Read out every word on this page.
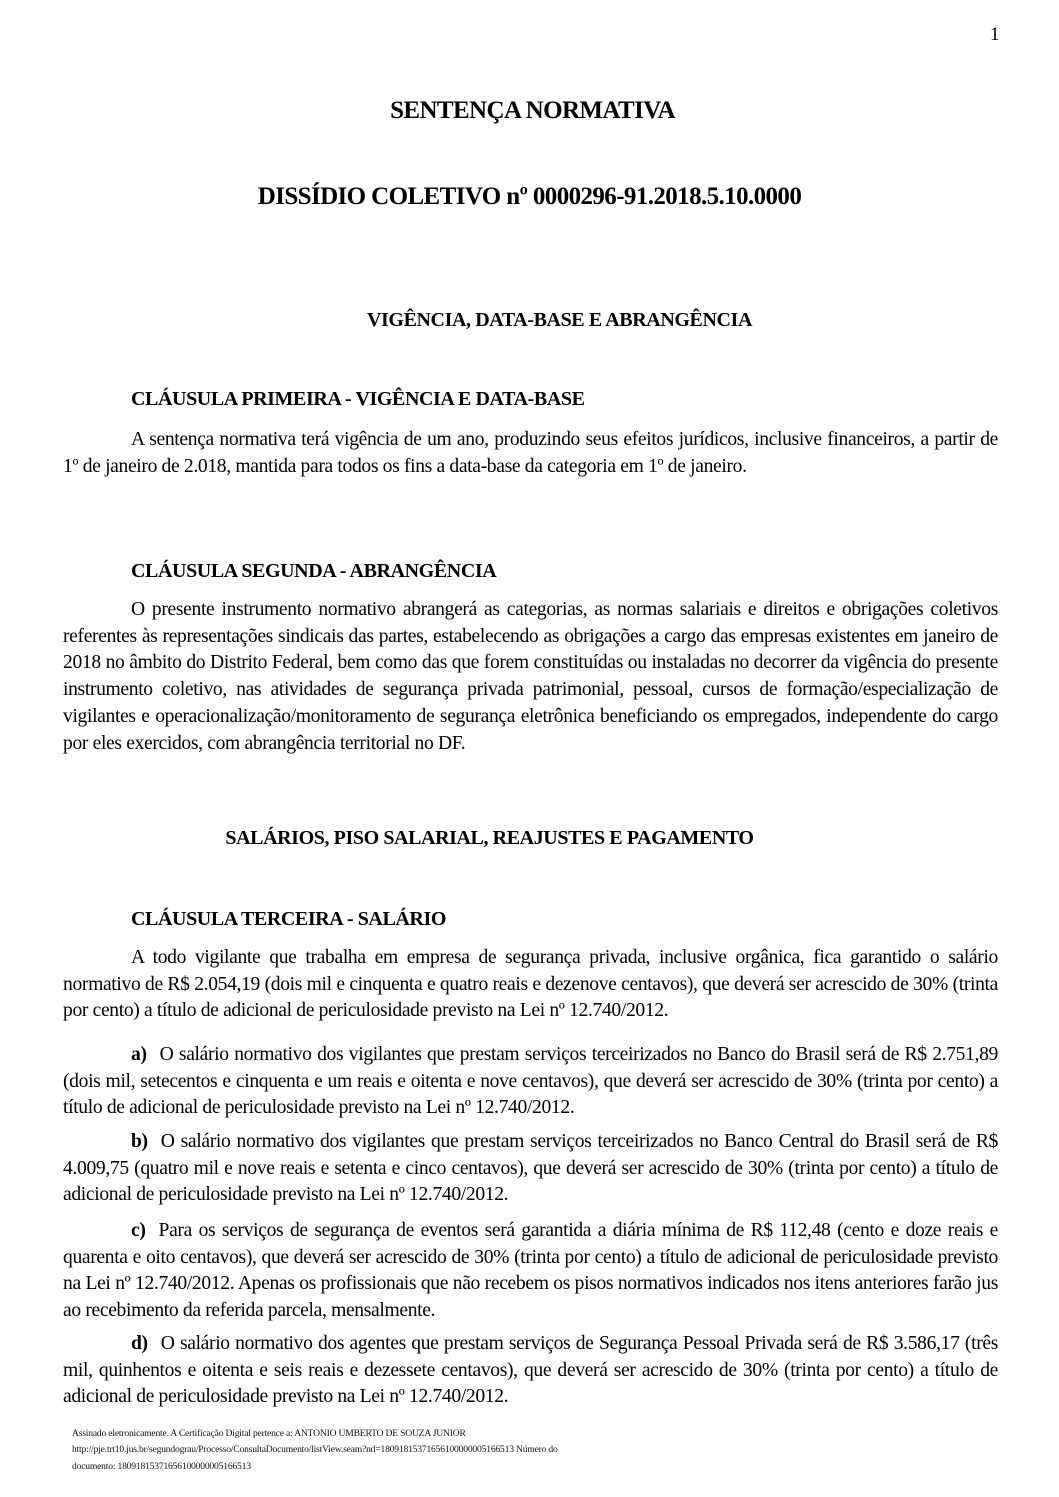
1
SENTENÇA NORMATIVA
DISSÍDIO COLETIVO nº 0000296-91.2018.5.10.0000
VIGÊNCIA, DATA-BASE E ABRANGÊNCIA
CLÁUSULA PRIMEIRA - VIGÊNCIA E DATA-BASE

A sentença normativa terá vigência de um ano, produzindo seus efeitos jurídicos, inclusive financeiros, a partir de 1º de janeiro de 2.018, mantida para todos os fins a data-base da categoria em 1º de janeiro.

CLÁUSULA SEGUNDA - ABRANGÊNCIA

O presente instrumento normativo abrangerá as categorias, as normas salariais e direitos e obrigações coletivos referentes às representações sindicais das partes, estabelecendo as obrigações a cargo das empresas existentes em janeiro de 2018 no âmbito do Distrito Federal, bem como das que forem constituídas ou instaladas no decorrer da vigência do presente instrumento coletivo, nas atividades de segurança privada patrimonial, pessoal, cursos de formação/especialização de vigilantes e operacionalização/monitoramento de segurança eletrônica beneficiando os empregados, independente do cargo por eles exercidos, com abrangência territorial no DF.

SALÁRIOS, PISO SALARIAL, REAJUSTES E PAGAMENTO
CLÁUSULA TERCEIRA - SALÁRIO

A todo vigilante que trabalha em empresa de segurança privada, inclusive orgânica, fica garantido o salário normativo de R$ 2.054,19 (dois mil e cinquenta e quatro reais e dezenove centavos), que deverá ser acrescido de 30% (trinta por cento) a título de adicional de periculosidade previsto na Lei nº 12.740/2012.

a) O salário normativo dos vigilantes que prestam serviços terceirizados no Banco do Brasil será de R$ 2.751,89 (dois mil, setecentos e cinquenta e um reais e oitenta e nove centavos), que deverá ser acrescido de 30% (trinta por cento) a título de adicional de periculosidade previsto na Lei nº 12.740/2012.

b) O salário normativo dos vigilantes que prestam serviços terceirizados no Banco Central do Brasil será de R$ 4.009,75 (quatro mil e nove reais e setenta e cinco centavos), que deverá ser acrescido de 30% (trinta por cento) a título de adicional de periculosidade previsto na Lei nº 12.740/2012.

c) Para os serviços de segurança de eventos será garantida a diária mínima de R$ 112,48 (cento e doze reais e quarenta e oito centavos), que deverá ser acrescido de 30% (trinta por cento) a título de adicional de periculosidade previsto na Lei nº 12.740/2012. Apenas os profissionais que não recebem os pisos normativos indicados nos itens anteriores farão jus ao recebimento da referida parcela, mensalmente.

d) O salário normativo dos agentes que prestam serviços de Segurança Pessoal Privada será de R$ 3.586,17 (três mil, quinhentos e oitenta e seis reais e dezessete centavos), que deverá ser acrescido de 30% (trinta por cento) a título de adicional de periculosidade previsto na Lei nº 12.740/2012.

Assinado eletronicamente. A Certificação Digital pertence a: ANTONIO UMBERTO DE SOUZA JUNIOR
http://pje.trt10.jus.br/segundograu/Processo/ConsultaDocumento/listView.seam?nd=18091815371656100000005166513 Número do
documento: 18091815371656100000005166513
